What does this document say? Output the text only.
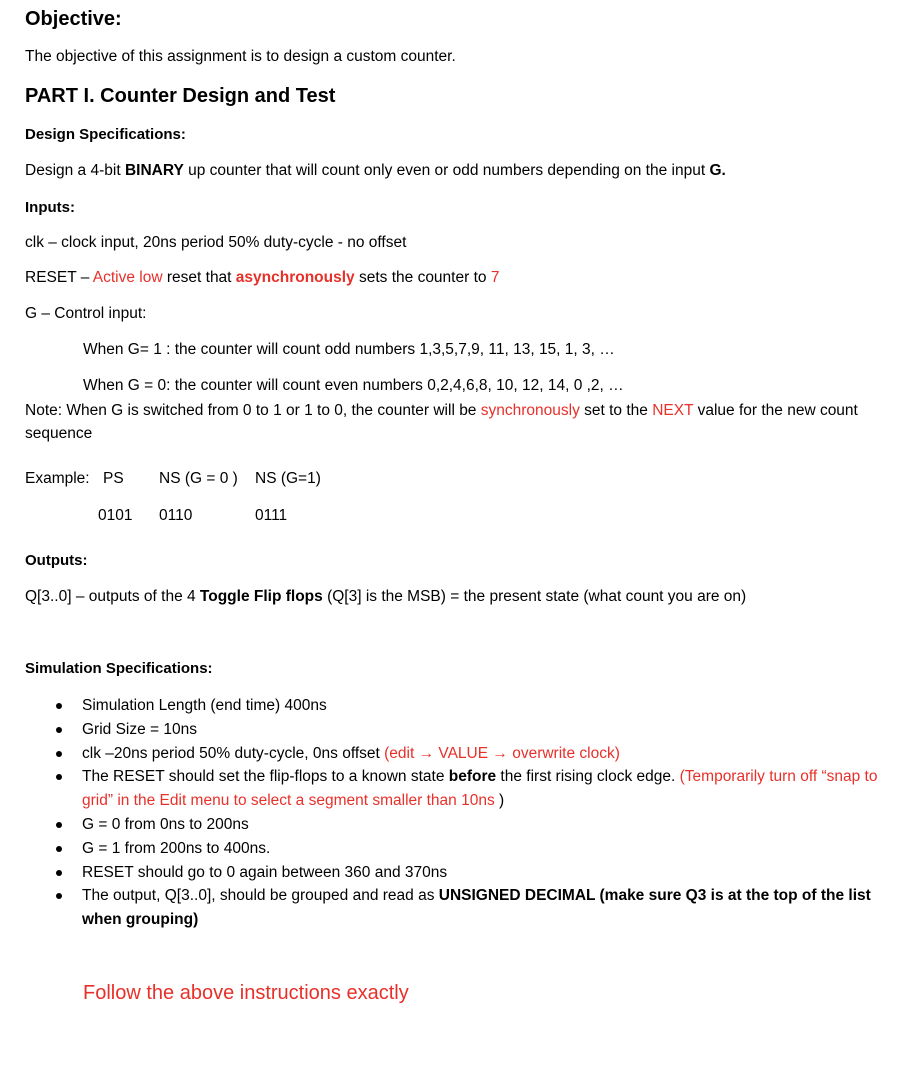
Objective:
The objective of this assignment is to design a custom counter.
PART I. Counter Design and Test
Design Specifications:
Design a 4-bit BINARY up counter that will count only even or odd numbers depending on the input G.
Inputs:
clk – clock input, 20ns period 50% duty-cycle - no offset
RESET – Active low reset that asynchronously sets the counter to 7
G – Control input:
When G= 1 : the counter will count odd numbers 1,3,5,7,9, 11, 13, 15, 1, 3, …
When G = 0: the counter will count even numbers 0,2,4,6,8, 10, 12, 14, 0 ,2, …
Note: When G is switched from 0 to 1 or 1 to 0, the counter will be synchronously set to the NEXT value for the new count sequence
Example: PS NS (G = 0 ) NS (G=1)
0101 0110	0111
Outputs:
Q[3..0] – outputs of the 4 Toggle Flip flops (Q[3] is the MSB) = the present state (what count you are on)
Simulation Specifications:
Simulation Length (end time) 400ns
Grid Size = 10ns
clk –20ns period 50% duty-cycle, 0ns offset (edit → VALUE → overwrite clock)
The RESET should set the flip-flops to a known state before the first rising clock edge. (Temporarily turn off “snap to grid” in the Edit menu to select a segment smaller than 10ns )
G = 0 from 0ns to 200ns
G = 1 from 200ns to 400ns.
RESET should go to 0 again between 360 and 370ns
The output, Q[3..0], should be grouped and read as UNSIGNED DECIMAL (make sure Q3 is at the top of the list when grouping)
Follow the above instructions exactly
